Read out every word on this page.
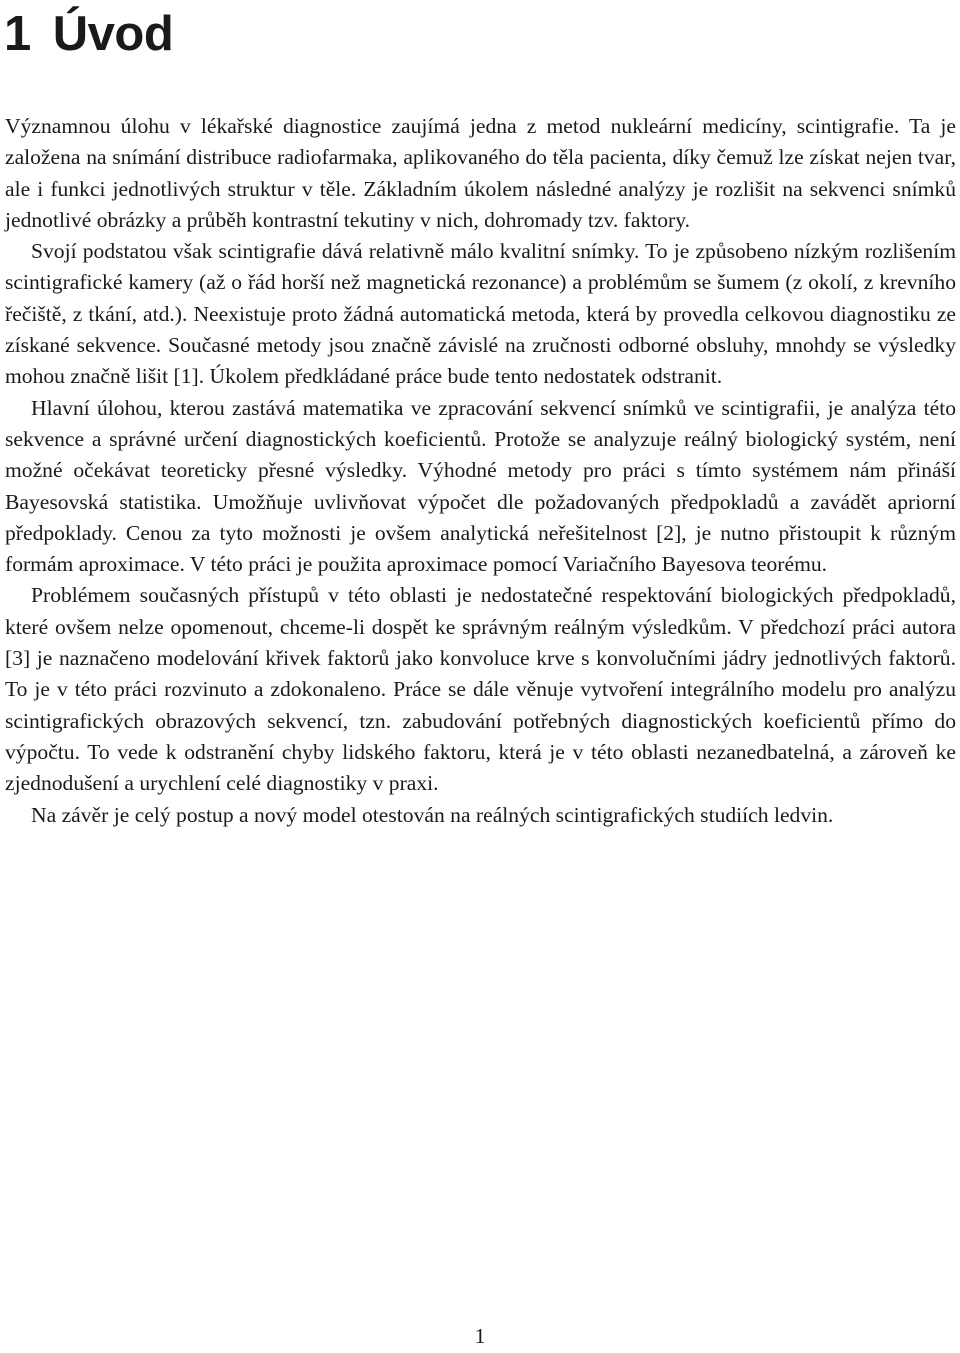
1 Úvod

Významnou úlohu v lékařské diagnostice zaujímá jedna z metod nukleární medicíny, scintigrafie. Ta je založena na snímání distribuce radiofarmaka, aplikovaného do těla pacienta, díky čemuž lze získat nejen tvar, ale i funkci jednotlivých struktur v těle. Základním úkolem následné analýzy je rozlišit na sekvenci snímků jednotlivé obrázky a průběh kontrastní tekutiny v nich, dohromady tzv. faktory.

Svojí podstatou však scintigrafie dává relativně málo kvalitní snímky. To je způsobeno nízkým rozlišením scintigrafické kamery (až o řád horší než magnetická rezonance) a problémům se šumem (z okolí, z krevního řečiště, z tkání, atd.). Neexistuje proto žádná automatická metoda, která by provedla celkovou diagnostiku ze získané sekvence. Současné metody jsou značně závislé na zručnosti odborné obsluhy, mnohdy se výsledky mohou značně lišit [1]. Úkolem předkládané práce bude tento nedostatek odstranit.

Hlavní úlohou, kterou zastává matematika ve zpracování sekvencí snímků ve scintigrafii, je analýza této sekvence a správné určení diagnostických koeficientů. Protože se analyzuje reálný biologický systém, není možné očekávat teoreticky přesné výsledky. Výhodné metody pro práci s tímto systémem nám přináší Bayesovská statistika. Umožňuje uvlivňovat výpočet dle požadovaných předpokladů a zavádět apriorní předpoklady. Cenou za tyto možnosti je ovšem analytická neřešitelnost [2], je nutno přistoupit k různým formám aproximace. V této práci je použita aproximace pomocí Variačního Bayesova teorému.

Problémem současných přístupů v této oblasti je nedostatečné respektování biologických předpokladů, které ovšem nelze opomenout, chceme-li dospět ke správným reálným výsledkům. V předchozí práci autora [3] je naznačeno modelování křivek faktorů jako konvoluce krve s konvolučními jádry jednotlivých faktorů. To je v této práci rozvinuto a zdokonaleno. Práce se dále věnuje vytvoření integrálního modelu pro analýzu scintigrafických obrazových sekvencí, tzn. zabudování potřebných diagnostických koeficientů přímo do výpočtu. To vede k odstranění chyby lidského faktoru, která je v této oblasti nezanedbatelná, a zároveň ke zjednodušení a urychlení celé diagnostiky v praxi.

Na závěr je celý postup a nový model otestován na reálných scintigrafických studiích ledvin.

1
